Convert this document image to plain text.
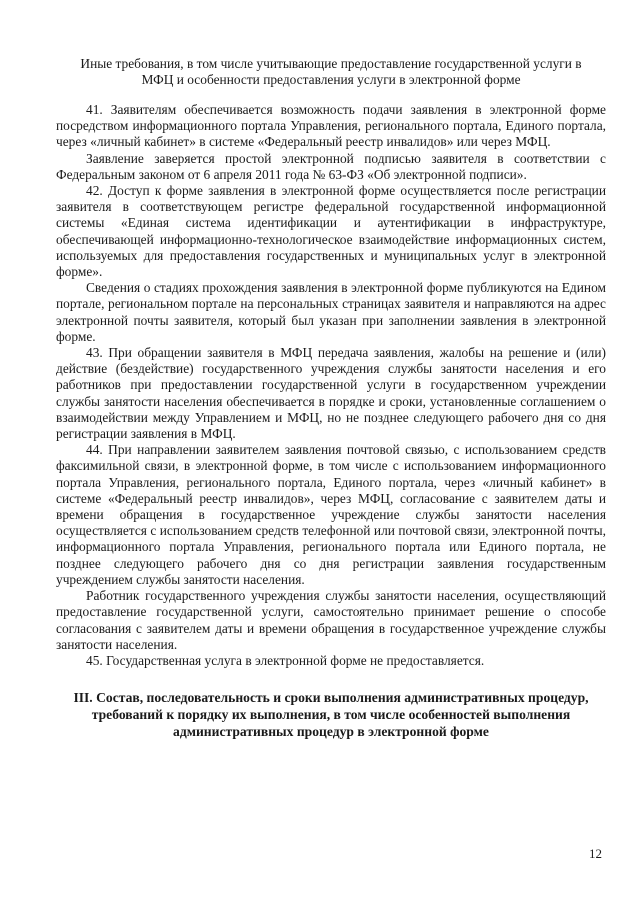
Иные требования, в том числе учитывающие предоставление государственной услуги в МФЦ и особенности предоставления услуги в электронной форме

41. Заявителям обеспечивается возможность подачи заявления в электронной форме посредством информационного портала Управления, регионального портала, Единого портала, через «личный кабинет» в системе «Федеральный реестр инвалидов» или через МФЦ.

Заявление заверяется простой электронной подписью заявителя в соответствии с Федеральным законом от 6 апреля 2011 года № 63-ФЗ «Об электронной подписи».

42. Доступ к форме заявления в электронной форме осуществляется после регистрации заявителя в соответствующем регистре федеральной государственной информационной системы «Единая система идентификации и аутентификации в инфраструктуре, обеспечивающей информационно-технологическое взаимодействие информационных систем, используемых для предоставления государственных и муниципальных услуг в электронной форме».

Сведения о стадиях прохождения заявления в электронной форме публикуются на Едином портале, региональном портале на персональных страницах заявителя и направляются на адрес электронной почты заявителя, который был указан при заполнении заявления в электронной форме.

43. При обращении заявителя в МФЦ передача заявления, жалобы на решение и (или) действие (бездействие) государственного учреждения службы занятости населения и его работников при предоставлении государственной услуги в государственном учреждении службы занятости населения обеспечивается в порядке и сроки, установленные соглашением о взаимодействии между Управлением и МФЦ, но не позднее следующего рабочего дня со дня регистрации заявления в МФЦ.

44. При направлении заявителем заявления почтовой связью, с использованием средств факсимильной связи, в электронной форме, в том числе с использованием информационного портала Управления, регионального портала, Единого портала, через «личный кабинет» в системе «Федеральный реестр инвалидов», через МФЦ, согласование с заявителем даты и времени обращения в государственное учреждение службы занятости населения осуществляется с использованием средств телефонной или почтовой связи, электронной почты, информационного портала Управления, регионального портала или Единого портала, не позднее следующего рабочего дня со дня регистрации заявления государственным учреждением службы занятости населения.

Работник государственного учреждения службы занятости населения, осуществляющий предоставление государственной услуги, самостоятельно принимает решение о способе согласования с заявителем даты и времени обращения в государственное учреждение службы занятости населения.

45. Государственная услуга в электронной форме не предоставляется.

III. Состав, последовательность и сроки выполнения административных процедур, требований к порядку их выполнения, в том числе особенностей выполнения административных процедур в электронной форме
12
